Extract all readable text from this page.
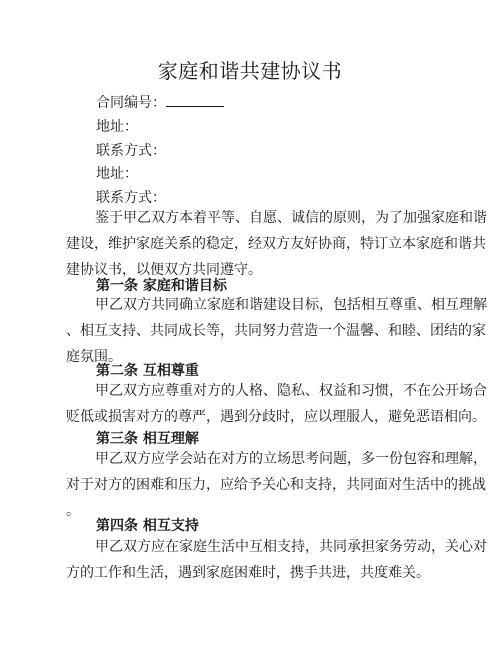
家庭和谐共建协议书
合同编号：
地址：
联系方式：
地址：
联系方式：
鉴于甲乙双方本着平等、自愿、诚信的原则，为了加强家庭和谐
建设，维护家庭关系的稳定，经双方友好协商，特订立本家庭和谐共
建协议书，以便双方共同遵守。
第一条 家庭和谐目标
甲乙双方共同确立家庭和谐建设目标，包括相互尊重、相互理解
、相互支持、共同成长等，共同努力营造一个温馨、和睦、团结的家
庭氛围。
第二条 互相尊重
甲乙双方应尊重对方的人格、隐私、权益和习惯，不在公开场合
贬低或损害对方的尊严，遇到分歧时，应以理服人，避免恶语相向。
第三条 相互理解
甲乙双方应学会站在对方的立场思考问题，多一份包容和理解，
对于对方的困难和压力，应给予关心和支持，共同面对生活中的挑战
。
第四条 相互支持
甲乙双方应在家庭生活中互相支持，共同承担家务劳动，关心对
方的工作和生活，遇到家庭困难时，携手共进，共度难关。
